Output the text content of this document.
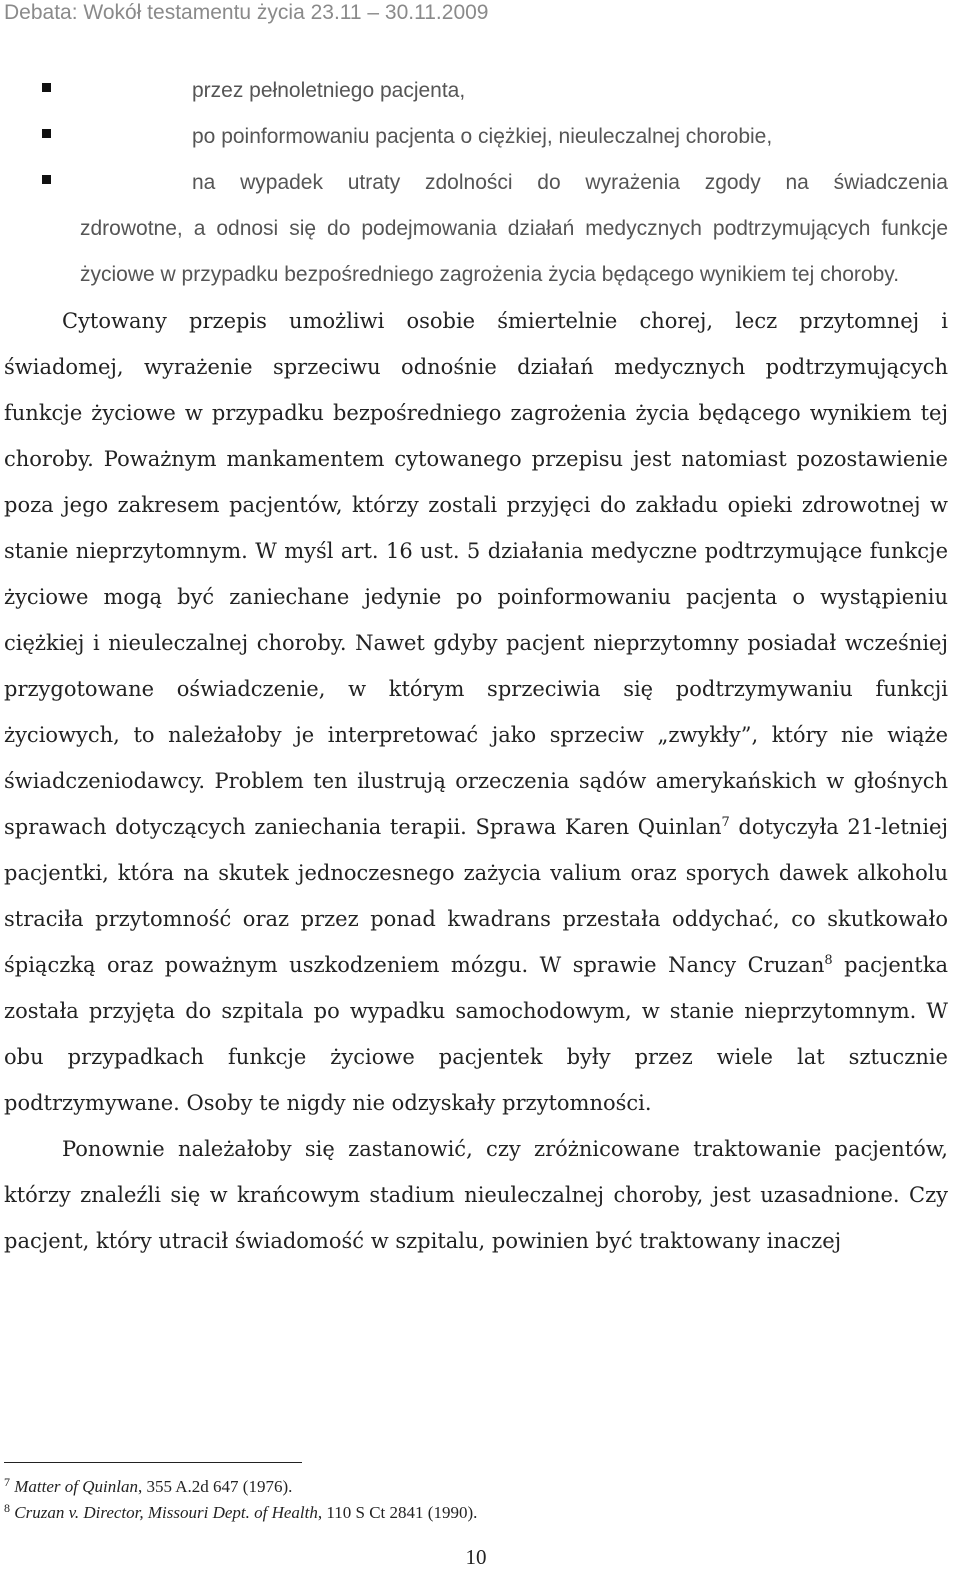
Debata: Wokół testamentu życia 23.11 – 30.11.2009
przez pełnoletniego pacjenta,
po poinformowaniu pacjenta o ciężkiej, nieuleczalnej chorobie,
na wypadek utraty zdolności do wyrażenia zgody na świadczenia
zdrowotne, a odnosi się do podejmowania działań medycznych podtrzymujących funkcje życiowe w przypadku bezpośredniego zagrożenia życia będącego wynikiem tej choroby.

Cytowany przepis umożliwi osobie śmiertelnie chorej, lecz przytomnej i świadomej, wyrażenie sprzeciwu odnośnie działań medycznych podtrzymujących funkcje życiowe w przypadku bezpośredniego zagrożenia życia będącego wynikiem tej choroby. Poważnym mankamentem cytowanego przepisu jest natomiast pozostawienie poza jego zakresem pacjentów, którzy zostali przyjęci do zakładu opieki zdrowotnej w stanie nieprzytomnym. W myśl art. 16 ust. 5 działania medyczne podtrzymujące funkcje życiowe mogą być zaniechane jedynie po poinformowaniu pacjenta o wystąpieniu ciężkiej i nieuleczalnej choroby. Nawet gdyby pacjent nieprzytomny posiadał wcześniej przygotowane oświadczenie, w którym sprzeciwia się podtrzymywaniu funkcji życiowych, to należałoby je interpretować jako sprzeciw „zwykły”, który nie wiąże świadczeniodawcy. Problem ten ilustrują orzeczenia sądów amerykańskich w głośnych sprawach dotyczących zaniechania terapii. Sprawa Karen Quinlan$^7$ dotyczyła 21-letniej pacjentki, która na skutek jednoczesnego zażycia valium oraz sporych dawek alkoholu straciła przytomność oraz przez ponad kwadrans przestała oddychać, co skutkowało śpiączką oraz poważnym uszkodzeniem mózgu. W sprawie Nancy Cruzan$^8$ pacjentka została przyjęta do szpitala po wypadku samochodowym, w stanie nieprzytomnym. W obu przypadkach funkcje życiowe pacjentek były przez wiele lat sztucznie podtrzymywane. Osoby te nigdy nie odzyskały przytomności.

Ponownie należałoby się zastanowić, czy zróżnicowane traktowanie pacjentów, którzy znaleźli się w krańcowym stadium nieuleczalnej choroby, jest uzasadnione. Czy pacjent, który utracił świadomość w szpitalu, powinien być traktowany inaczej

$^7$ Matter of Quinlan, 355 A.2d 647 (1976).
$^8$ Cruzan v. Director, Missouri Dept. of Health, 110 S Ct 2841 (1990).
10
